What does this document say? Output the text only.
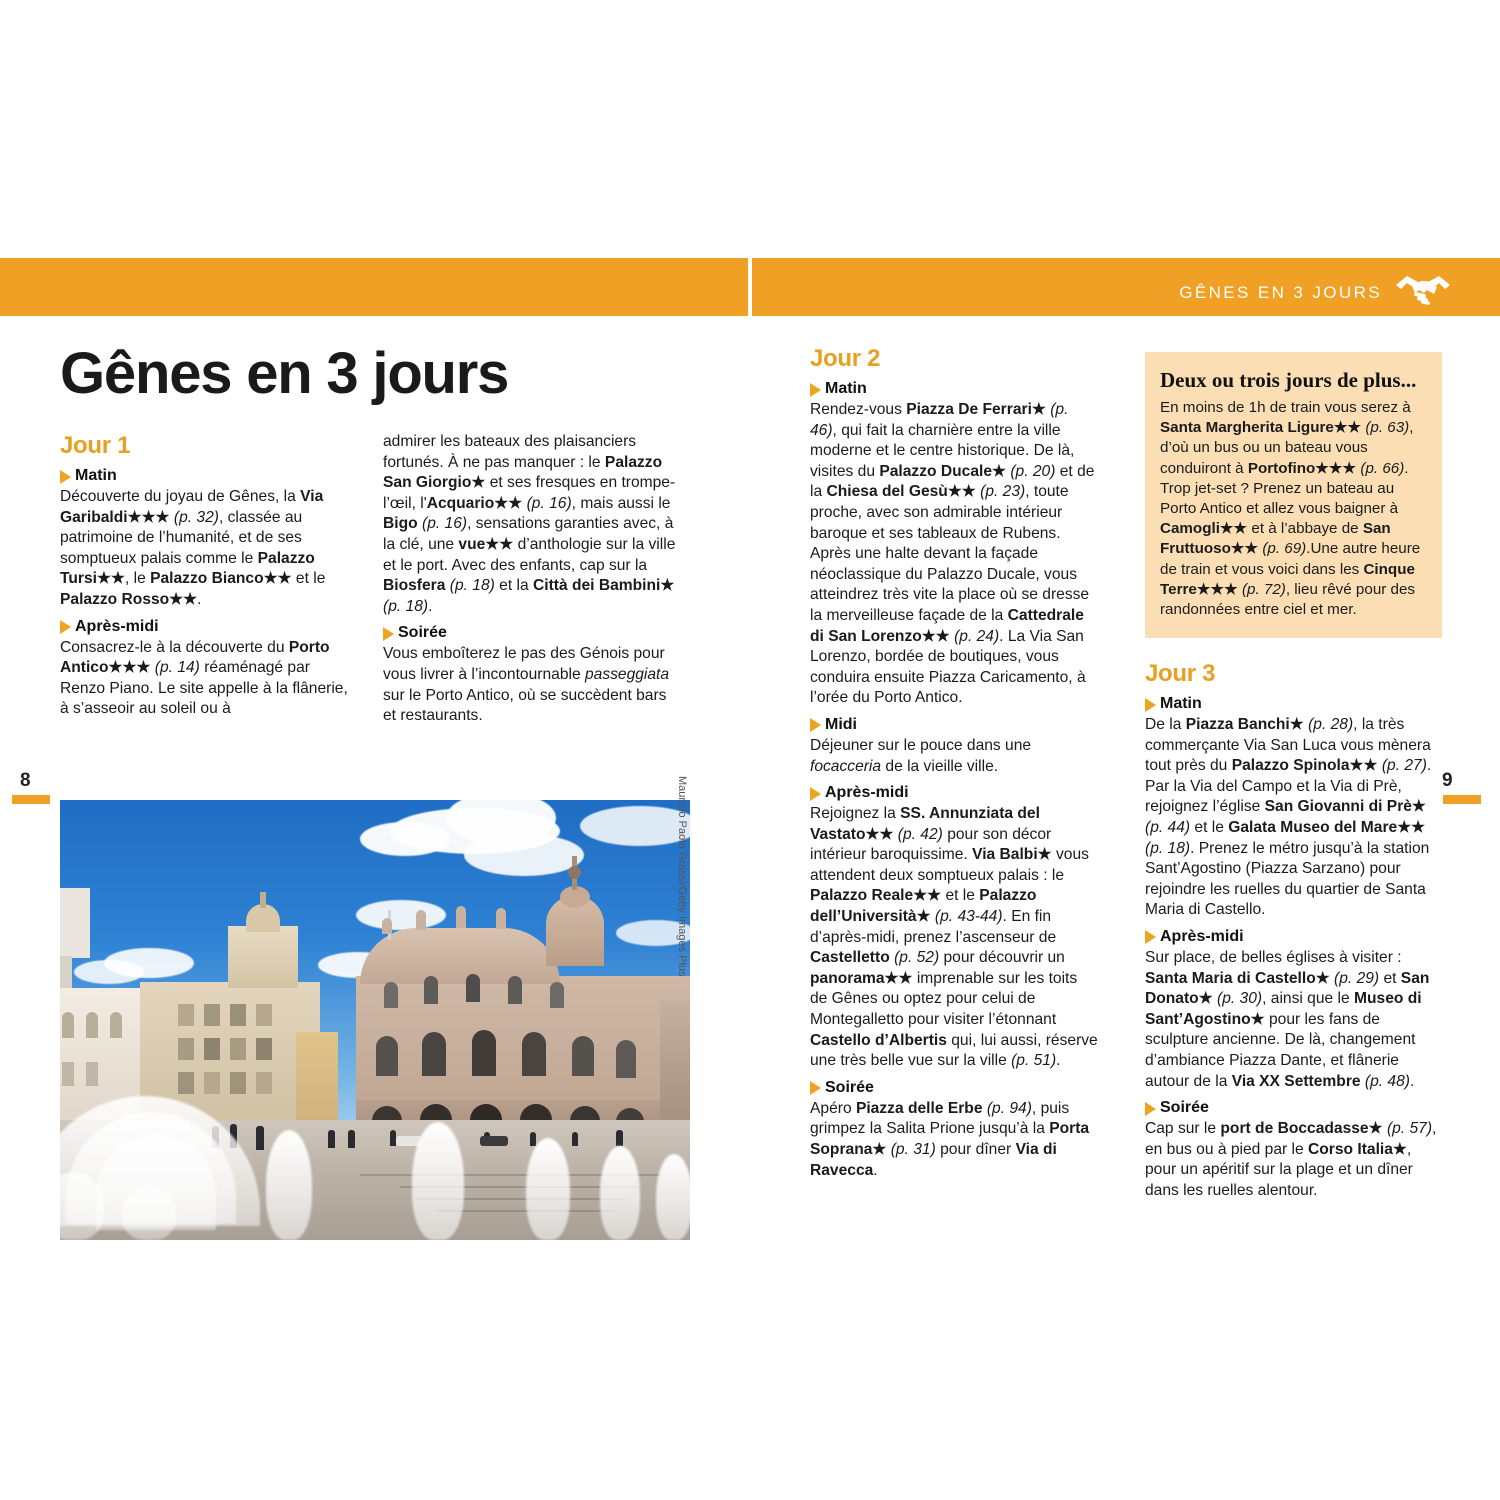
GÊNES EN 3 JOURS
Gênes en 3 jours
8	9
Jour 1
Matin

Découverte du joyau de Gênes, la Via Garibaldi★★★ (p. 32), classée au patrimoine de l’humanité, et de ses somptueux palais comme le Palazzo Tursi★★, le Palazzo Bianco★★ et le Palazzo Rosso★★.

Après-midi

Consacrez-le à la découverte du Porto Antico★★★ (p. 14) réaménagé par Renzo Piano. Le site appelle à la flânerie, à s’asseoir au soleil ou à

admirer les bateaux des plaisanciers fortunés. À ne pas manquer : le Palazzo San Giorgio★ et ses fresques en trompe-l’œil, l'Acquario★★ (p. 16), mais aussi le Bigo (p. 16), sensations garanties avec, à la clé, une vue★★ d’anthologie sur la ville et le port. Avec des enfants, cap sur la Biosfera (p. 18) et la Città dei Bambini★ (p. 18).

Soirée

Vous emboîterez le pas des Génois pour vous livrer à l’incontournable passeggiata sur le Porto Antico, où se succèdent bars et restaurants.

Jour 2
Matin

Rendez-vous Piazza De Ferrari★ (p. 46), qui fait la charnière entre la ville moderne et le centre historique. De là, visites du Palazzo Ducale★ (p. 20) et de la Chiesa del Gesù★★ (p. 23), toute proche, avec son admirable intérieur baroque et ses tableaux de Rubens. Après une halte devant la façade néoclassique du Palazzo Ducale, vous atteindrez très vite la place où se dresse la merveilleuse façade de la Cattedrale di San Lorenzo★★ (p. 24). La Via San Lorenzo, bordée de boutiques, vous conduira ensuite Piazza Caricamento, à l’orée du Porto Antico.

Midi

Déjeuner sur le pouce dans une focacceria de la vieille ville.

Après-midi

Rejoignez la SS. Annunziata del Vastato★★ (p. 42) pour son décor intérieur baroquissime. Via Balbi★ vous attendent deux somptueux palais : le Palazzo Reale★★ et le Palazzo dell’Università★ (p. 43-44). En fin d’après-midi, prenez l’ascenseur de Castelletto (p. 52) pour découvrir un panorama★★ imprenable sur les toits de Gênes ou optez pour celui de Montegalletto pour visiter l’étonnant Castello d’Albertis qui, lui aussi, réserve une très belle vue sur la ville (p. 51).

Soirée

Apéro Piazza delle Erbe (p. 94), puis grimpez la Salita Prione jusqu’à la Porta Soprana★ (p. 31) pour dîner Via di Ravecca.

Deux ou trois jours de plus...

En moins de 1h de train vous serez à Santa Margherita Ligure★★ (p. 63), d’où un bus ou un bateau vous conduiront à Portofino★★★ (p. 66). Trop jet-set ? Prenez un bateau au Porto Antico et allez vous baigner à Camogli★★ et à l’abbaye de San Fruttuoso★★ (p. 69).Une autre heure de train et vous voici dans les Cinque Terre★★★ (p. 72), lieu rêvé pour des randonnées entre ciel et mer.

Jour 3
Matin

De la Piazza Banchi★ (p. 28), la très commerçante Via San Luca vous mènera tout près du Palazzo Spinola★★ (p. 27). Par la Via del Campo et la Via di Prè, rejoignez l’église San Giovanni di Prè★ (p. 44) et le Galata Museo del Mare★★ (p. 18). Prenez le métro jusqu’à la station Sant’Agostino (Piazza Sarzano) pour rejoindre les ruelles du quartier de Santa Maria di Castello.

Après-midi

Sur place, de belles églises à visiter : Santa Maria di Castello★ (p. 29) et San Donato★ (p. 30), ainsi que le Museo di Sant’Agostino★ pour les fans de sculpture ancienne. De là, changement d’ambiance Piazza Dante, et flânerie autour de la Via XX Settembre (p. 48).

Soirée

Cap sur le port de Boccadasse★ (p. 57), en bus ou à pied par le Corso Italia★, pour un apéritif sur la plage et un dîner dans les ruelles alentour.

Maurizio Paolo Grassi/Getty Images Plus
